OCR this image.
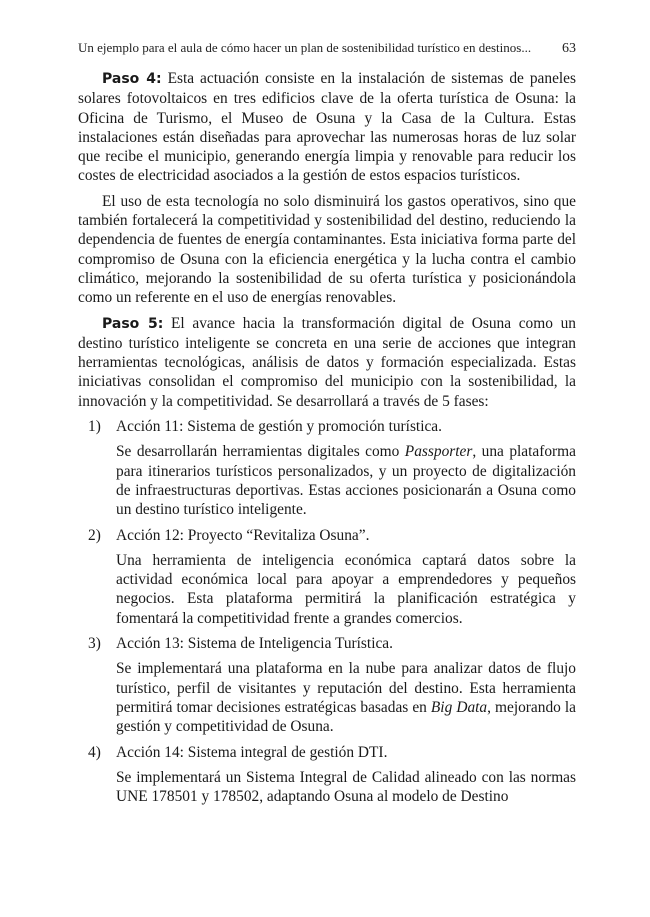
Un ejemplo para el aula de cómo hacer un plan de sostenibilidad turístico en destinos... 63

Paso 4: Esta actuación consiste en la instalación de sistemas de paneles solares fotovoltaicos en tres edificios clave de la oferta turística de Osuna: la Oficina de Turismo, el Museo de Osuna y la Casa de la Cultura. Estas instalaciones están diseñadas para aprovechar las numerosas horas de luz solar que recibe el municipio, generando energía limpia y renovable para reducir los costes de electricidad asociados a la gestión de estos espacios turísticos.

El uso de esta tecnología no solo disminuirá los gastos operativos, sino que también fortalecerá la competitividad y sostenibilidad del destino, reduciendo la dependencia de fuentes de energía contaminantes. Esta iniciativa forma parte del compromiso de Osuna con la eficiencia energética y la lucha contra el cambio climático, mejorando la sostenibilidad de su oferta turística y posicionándola como un referente en el uso de energías renovables.

Paso 5: El avance hacia la transformación digital de Osuna como un destino turístico inteligente se concreta en una serie de acciones que integran herramientas tecnológicas, análisis de datos y formación especializada. Estas iniciativas consolidan el compromiso del municipio con la sostenibilidad, la innovación y la competitividad. Se desarrollará a través de 5 fases:

1) Acción 11: Sistema de gestión y promoción turística.

Se desarrollarán herramientas digitales como Passporter, una plataforma para itinerarios turísticos personalizados, y un proyecto de digitalización de infraestructuras deportivas. Estas acciones posicionarán a Osuna como un destino turístico inteligente.

2) Acción 12: Proyecto “Revitaliza Osuna”.

Una herramienta de inteligencia económica captará datos sobre la actividad económica local para apoyar a emprendedores y pequeños negocios. Esta plataforma permitirá la planificación estratégica y fomentará la competitividad frente a grandes comercios.

3) Acción 13: Sistema de Inteligencia Turística.

Se implementará una plataforma en la nube para analizar datos de flujo turístico, perfil de visitantes y reputación del destino. Esta herramienta permitirá tomar decisiones estratégicas basadas en Big Data, mejorando la gestión y competitividad de Osuna.

4) Acción 14: Sistema integral de gestión DTI.

Se implementará un Sistema Integral de Calidad alineado con las normas UNE 178501 y 178502, adaptando Osuna al modelo de Destino
